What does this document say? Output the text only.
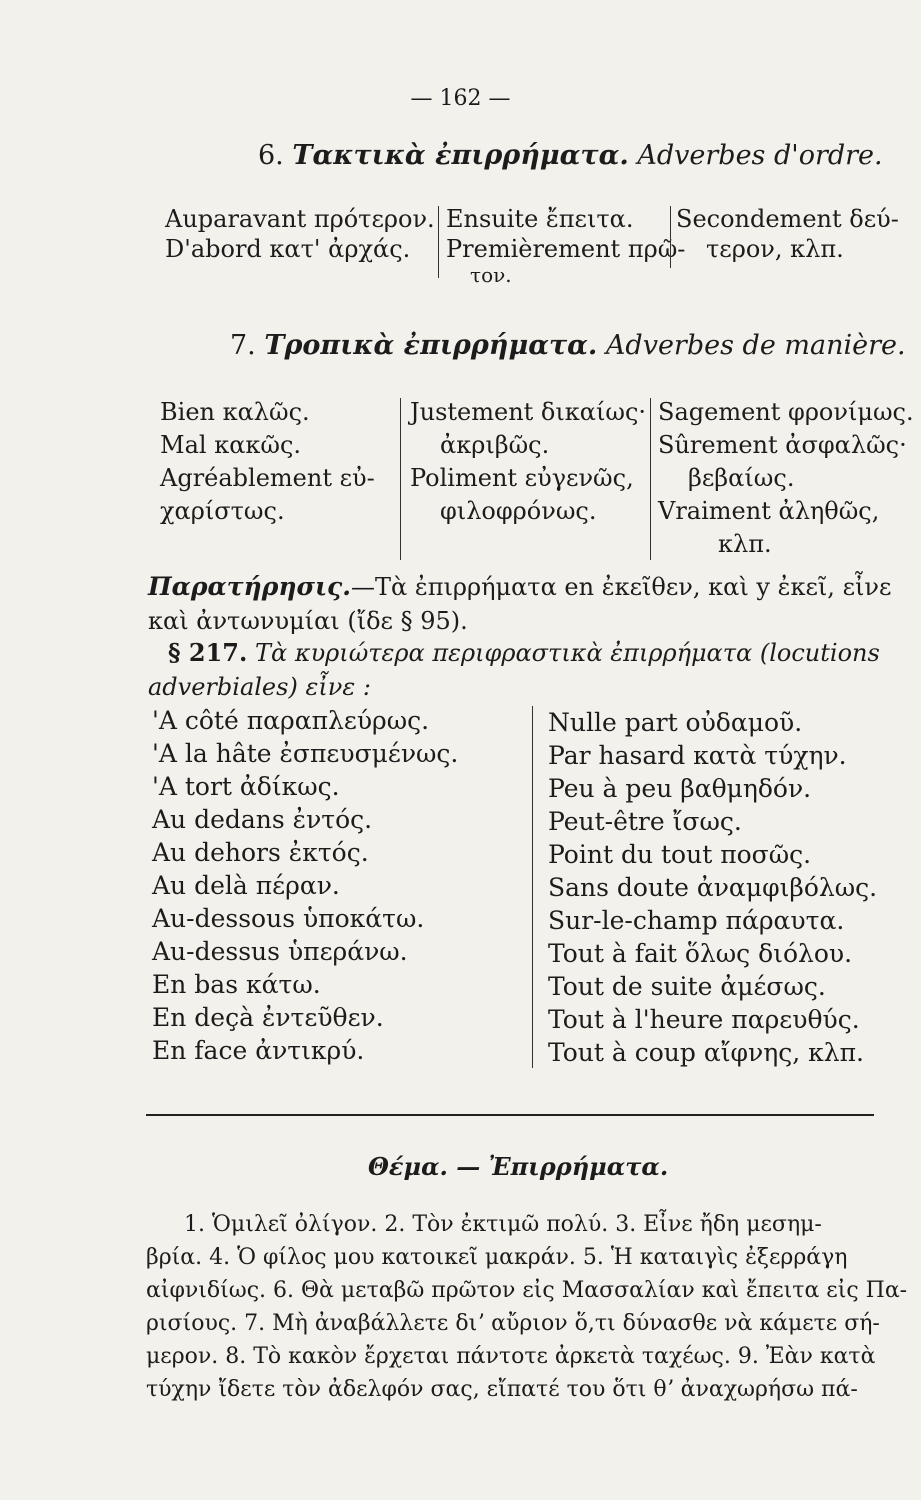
— 162 —
6. Τακτικὰ ἐπιρρήματα. Adverbes d'ordre.
Auparavant πρότερον.
D'abord κατ' ἀρχάς.
Ensuite ἔπειτα.
Premièrement πρῶ-
τον.
Secondement δεύ-
τερον, κλπ.
7. Τροπικὰ ἐπιρρήματα. Adverbes de manière.
Bien καλῶς.
Mal κακῶς.
Agréablement εὐ-
χαρίστως.
Justement δικαίως·
ἀκριβῶς.
Poliment εὐγενῶς,
φιλοφρόνως.
Sagement φρονίμως.
Sûrement ἀσφαλῶς·
βεβαίως.
Vraiment ἀληθῶς,
κλπ.
Παρατήρησις.—Τὰ ἐπιρρήματα en ἐκεῖθεν, καὶ y ἐκεῖ, εἶνε
καὶ ἀντωνυμίαι (ἴδε § 95).
§ 217. Τὰ κυριώτερα περιφραστικὰ ἐπιρρήματα (locutions
adverbiales) εἶνε :
'A côté παραπλεύρως.
'A la hâte ἐσπευσμένως.
'A tort ἀδίκως.
Au dedans ἐντός.
Au dehors ἐκτός.
Au delà πέραν.
Au-dessous ὑποκάτω.
Au-dessus ὑπεράνω.
En bas κάτω.
En deçà ἐντεῦθεν.
En face ἀντικρύ.
Nulle part οὐδαμοῦ.
Par hasard κατὰ τύχην.
Peu à peu βαθμηδόν.
Peut-être ἴσως.
Point du tout ποσῶς.
Sans doute ἀναμφιβόλως.
Sur-le-champ πάραυτα.
Tout à fait ὅλως διόλου.
Tout de suite ἀμέσως.
Tout à l'heure παρευθύς.
Tout à coup αἴφνης, κλπ.
Θέμα. — Ἐπιρρήματα.
1. Ὁμιλεῖ ὀλίγον. 2. Τὸν ἐκτιμῶ πολύ. 3. Εἶνε ἤδη μεσημ-
βρία. 4. Ὁ φίλος μου κατοικεῖ μακράν. 5. Ἡ καταιγὶς ἐξερράγη
αἰφνιδίως. 6. Θὰ μεταβῶ πρῶτον εἰς Μασσαλίαν καὶ ἔπειτα εἰς Πα-
ρισίους. 7. Μὴ ἀναβάλλετε διʼ αὔριον ὅ,τι δύνασθε νὰ κάμετε σή-
μερον. 8. Τὸ κακὸν ἔρχεται πάντοτε ἀρκετὰ ταχέως. 9. Ἐὰν κατὰ
τύχην ἴδετε τὸν ἀδελφόν σας, εἴπατέ του ὅτι θʼ ἀναχωρήσω πά-
